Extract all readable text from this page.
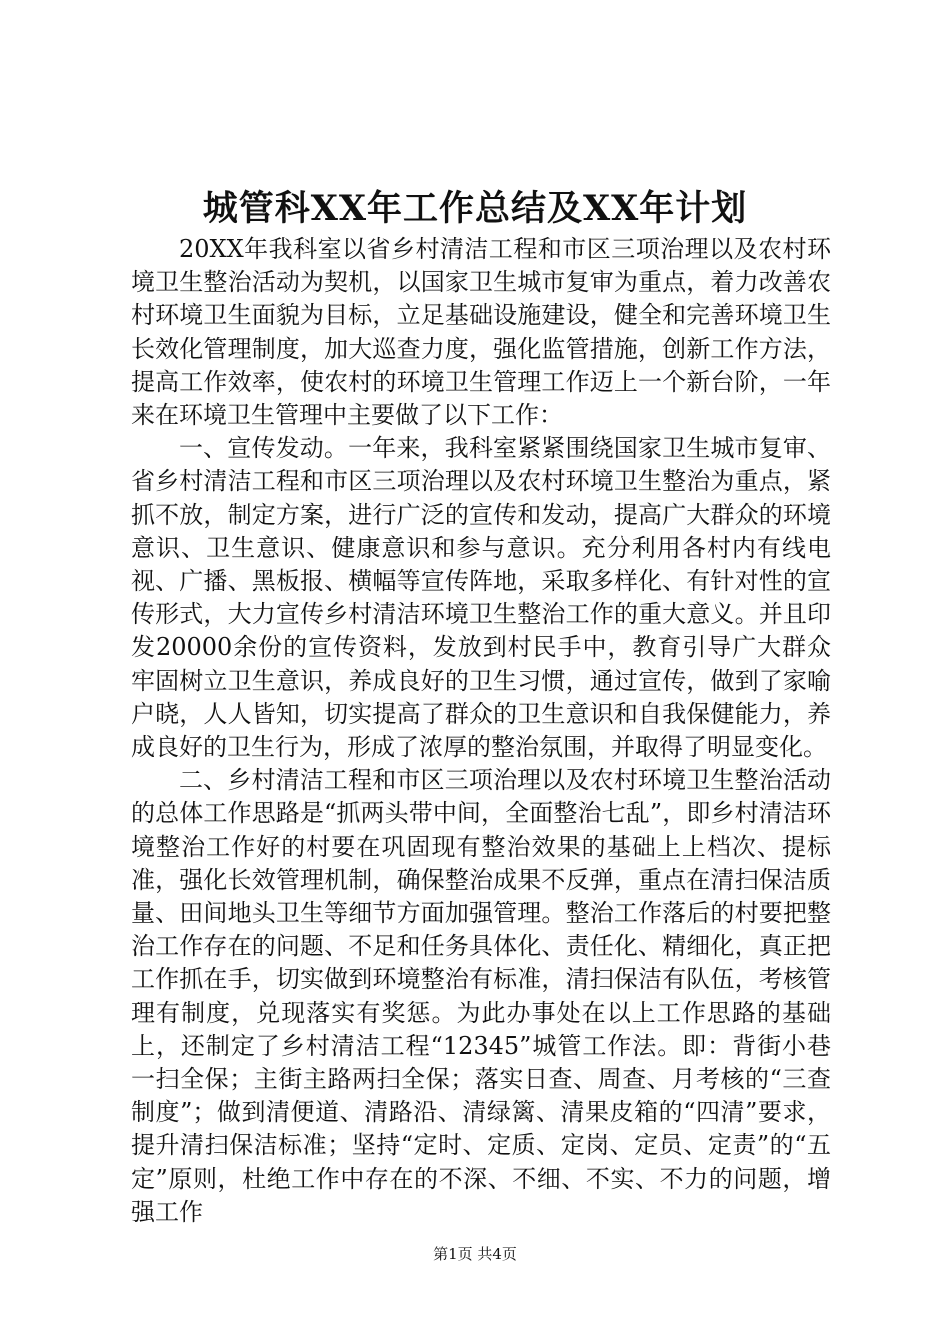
城管科XX年工作总结及XX年计划

20XX年我科室以省乡村清洁工程和市区三项治理以及农村环境卫生整治活动为契机，以国家卫生城市复审为重点，着力改善农村环境卫生面貌为目标，立足基础设施建设，健全和完善环境卫生长效化管理制度，加大巡查力度，强化监管措施，创新工作方法，提高工作效率，使农村的环境卫生管理工作迈上一个新台阶，一年来在环境卫生管理中主要做了以下工作：

一、宣传发动。一年来，我科室紧紧围绕国家卫生城市复审、省乡村清洁工程和市区三项治理以及农村环境卫生整治为重点，紧抓不放，制定方案，进行广泛的宣传和发动，提高广大群众的环境意识、卫生意识、健康意识和参与意识。充分利用各村内有线电视、广播、黑板报、横幅等宣传阵地，采取多样化、有针对性的宣传形式，大力宣传乡村清洁环境卫生整治工作的重大意义。并且印发20000余份的宣传资料，发放到村民手中，教育引导广大群众牢固树立卫生意识，养成良好的卫生习惯，通过宣传，做到了家喻户晓，人人皆知，切实提高了群众的卫生意识和自我保健能力，养成良好的卫生行为，形成了浓厚的整治氛围，并取得了明显变化。

二、乡村清洁工程和市区三项治理以及农村环境卫生整治活动的总体工作思路是“抓两头带中间，全面整治七乱”，即乡村清洁环境整治工作好的村要在巩固现有整治效果的基础上上档次、提标准，强化长效管理机制，确保整治成果不反弹，重点在清扫保洁质量、田间地头卫生等细节方面加强管理。整治工作落后的村要把整治工作存在的问题、不足和任务具体化、责任化、精细化，真正把工作抓在手，切实做到环境整治有标准，清扫保洁有队伍，考核管理有制度，兑现落实有奖惩。为此办事处在以上工作思路的基础上，还制定了乡村清洁工程“12345”城管工作法。即：背街小巷一扫全保；主街主路两扫全保；落实日查、周查、月考核的“三查制度”；做到清便道、清路沿、清绿篱、清果皮箱的“四清”要求，提升清扫保洁标准；坚持“定时、定质、定岗、定员、定责”的“五定”原则，杜绝工作中存在的不深、不细、不实、不力的问题，增强工作

第1页 共4页
